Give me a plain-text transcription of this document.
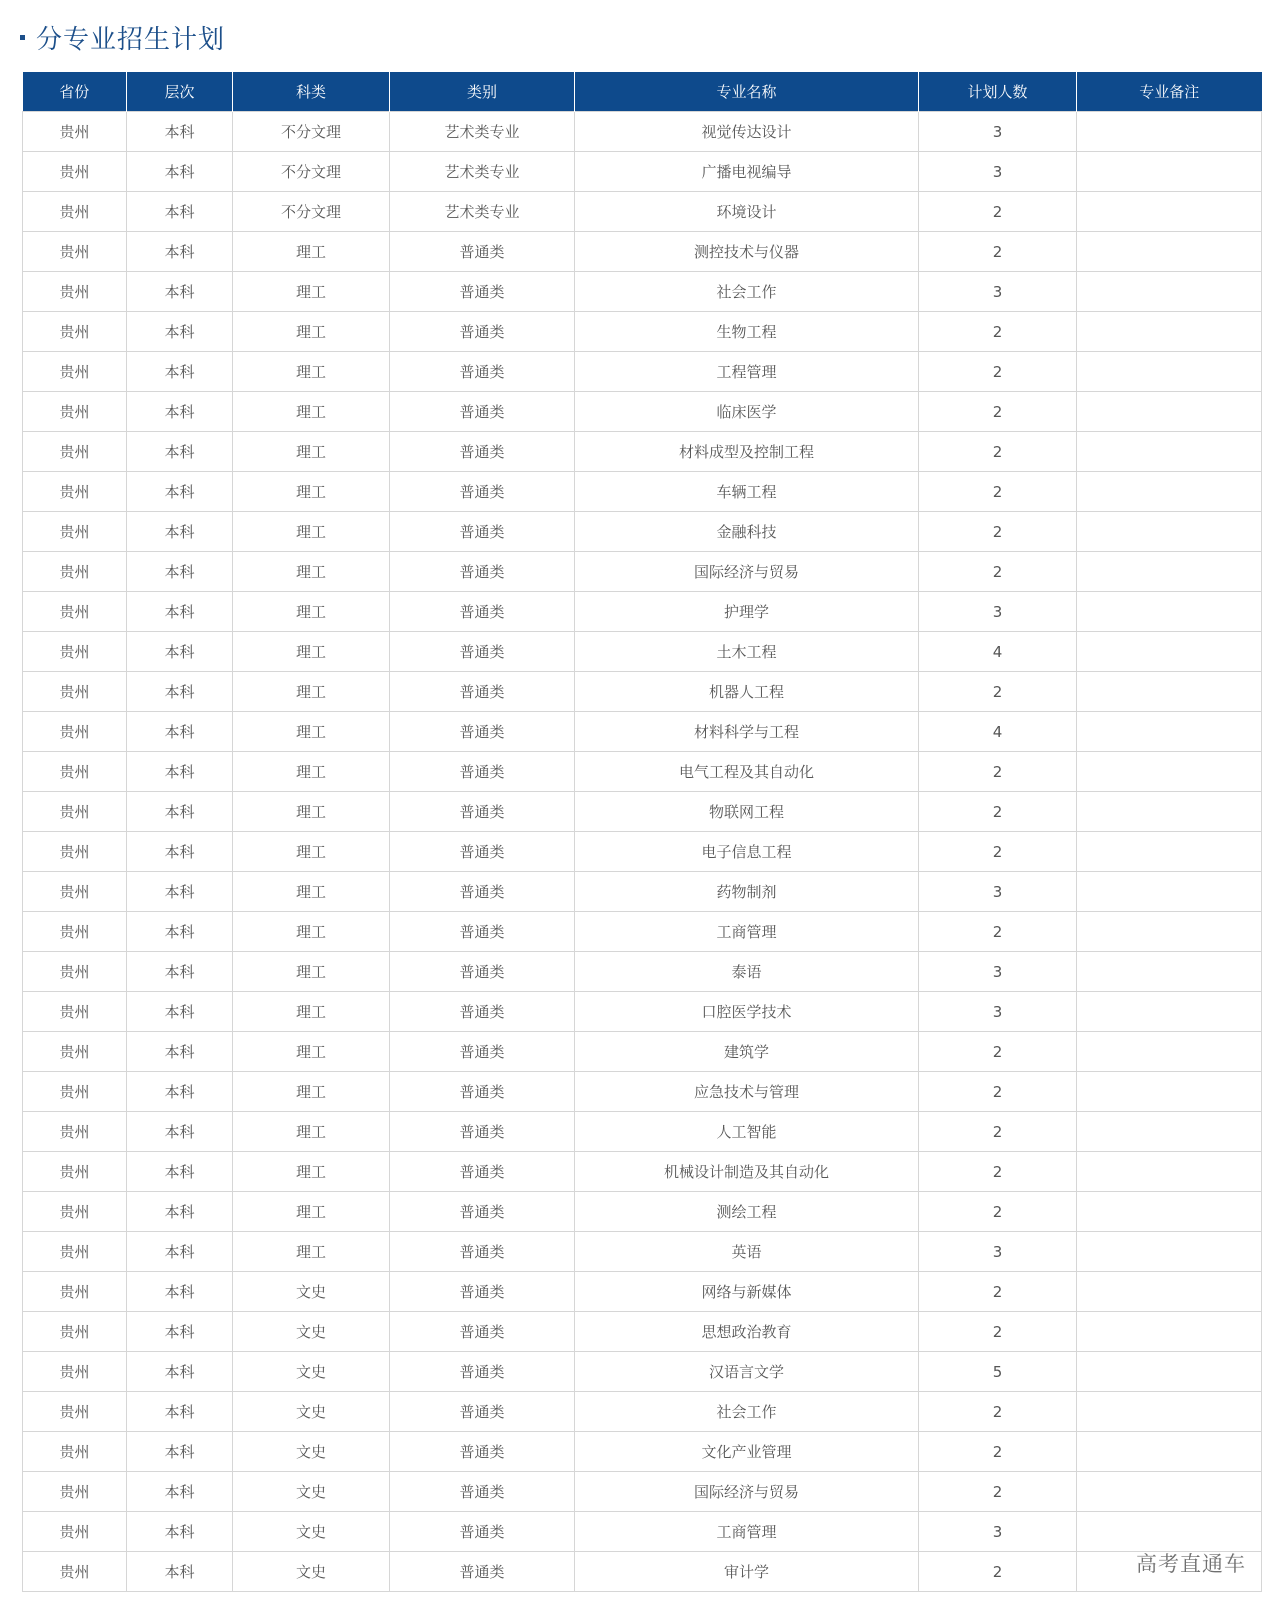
分专业招生计划
省份	层次	科类	类别	专业名称	计划人数	专业备注
贵州	本科	不分文理	艺术类专业	视觉传达设计	3	
贵州	本科	不分文理	艺术类专业	广播电视编导	3	
贵州	本科	不分文理	艺术类专业	环境设计	2	
贵州	本科	理工	普通类	测控技术与仪器	2	
贵州	本科	理工	普通类	社会工作	3	
贵州	本科	理工	普通类	生物工程	2	
贵州	本科	理工	普通类	工程管理	2	
贵州	本科	理工	普通类	临床医学	2	
贵州	本科	理工	普通类	材料成型及控制工程	2	
贵州	本科	理工	普通类	车辆工程	2	
贵州	本科	理工	普通类	金融科技	2	
贵州	本科	理工	普通类	国际经济与贸易	2	
贵州	本科	理工	普通类	护理学	3	
贵州	本科	理工	普通类	土木工程	4	
贵州	本科	理工	普通类	机器人工程	2	
贵州	本科	理工	普通类	材料科学与工程	4	
贵州	本科	理工	普通类	电气工程及其自动化	2	
贵州	本科	理工	普通类	物联网工程	2	
贵州	本科	理工	普通类	电子信息工程	2	
贵州	本科	理工	普通类	药物制剂	3	
贵州	本科	理工	普通类	工商管理	2	
贵州	本科	理工	普通类	泰语	3	
贵州	本科	理工	普通类	口腔医学技术	3	
贵州	本科	理工	普通类	建筑学	2	
贵州	本科	理工	普通类	应急技术与管理	2	
贵州	本科	理工	普通类	人工智能	2	
贵州	本科	理工	普通类	机械设计制造及其自动化	2	
贵州	本科	理工	普通类	测绘工程	2	
贵州	本科	理工	普通类	英语	3	
贵州	本科	文史	普通类	网络与新媒体	2	
贵州	本科	文史	普通类	思想政治教育	2	
贵州	本科	文史	普通类	汉语言文学	5	
贵州	本科	文史	普通类	社会工作	2	
贵州	本科	文史	普通类	文化产业管理	2	
贵州	本科	文史	普通类	国际经济与贸易	2	
贵州	本科	文史	普通类	工商管理	3	
贵州	本科	文史	普通类	审计学	2		高考直通车
